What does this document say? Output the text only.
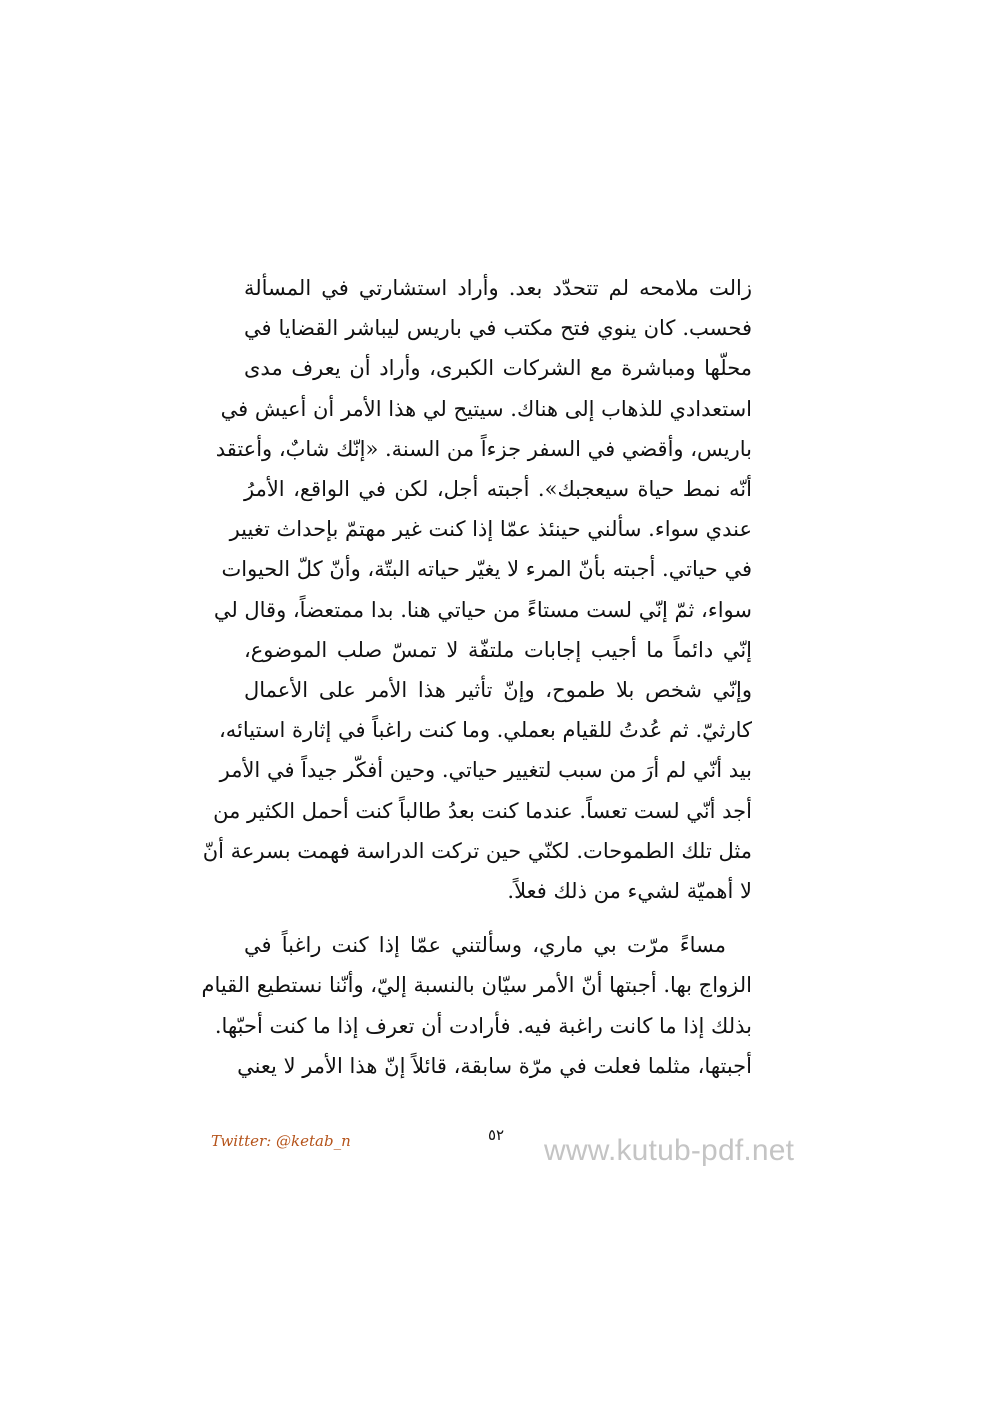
زالت ملامحه لم تتحدّد بعد. وأراد استشارتي في المسألة
فحسب. كان ينوي فتح مكتب في باريس ليباشر القضايا في
محلّها ومباشرة مع الشركات الكبرى، وأراد أن يعرف مدى
استعدادي للذهاب إلى هناك. سيتيح لي هذا الأمر أن أعيش في
باريس، وأقضي في السفر جزءاً من السنة. «إنّك شابٌ، وأعتقد
أنّه نمط حياة سيعجبك». أجبته أجل، لكن في الواقع، الأمرُ
عندي سواء. سألني حينئذ عمّا إذا كنت غير مهتمّ بإحداث تغيير
في حياتي. أجبته بأنّ المرء لا يغيّر حياته البتّة، وأنّ كلّ الحيوات
سواء، ثمّ إنّي لست مستاءً من حياتي هنا. بدا ممتعضاً، وقال لي
إنّي دائماً ما أجيب إجابات ملتفّة لا تمسّ صلب الموضوع،
وإنّي شخص بلا طموح، وإنّ تأثير هذا الأمر على الأعمال
كارثيّ. ثم عُدتُ للقيام بعملي. وما كنت راغباً في إثارة استيائه،
بيد أنّي لم أرَ من سبب لتغيير حياتي. وحين أفكّر جيداً في الأمر
أجد أنّي لست تعساً. عندما كنت بعدُ طالباً كنت أحمل الكثير من
مثل تلك الطموحات. لكنّي حين تركت الدراسة فهمت بسرعة أنّ
لا أهميّة لشيء من ذلك فعلاً.

مساءً مرّت بي ماري، وسألتني عمّا إذا كنت راغباً في
الزواج بها. أجبتها أنّ الأمر سيّان بالنسبة إليّ، وأنّنا نستطيع القيام
بذلك إذا ما كانت راغبة فيه. فأرادت أن تعرف إذا ما كنت أحبّها.
أجبتها، مثلما فعلت في مرّة سابقة، قائلاً إنّ هذا الأمر لا يعني

Twitter: @ketab_n	٥٢ www.kutub-pdf.net
